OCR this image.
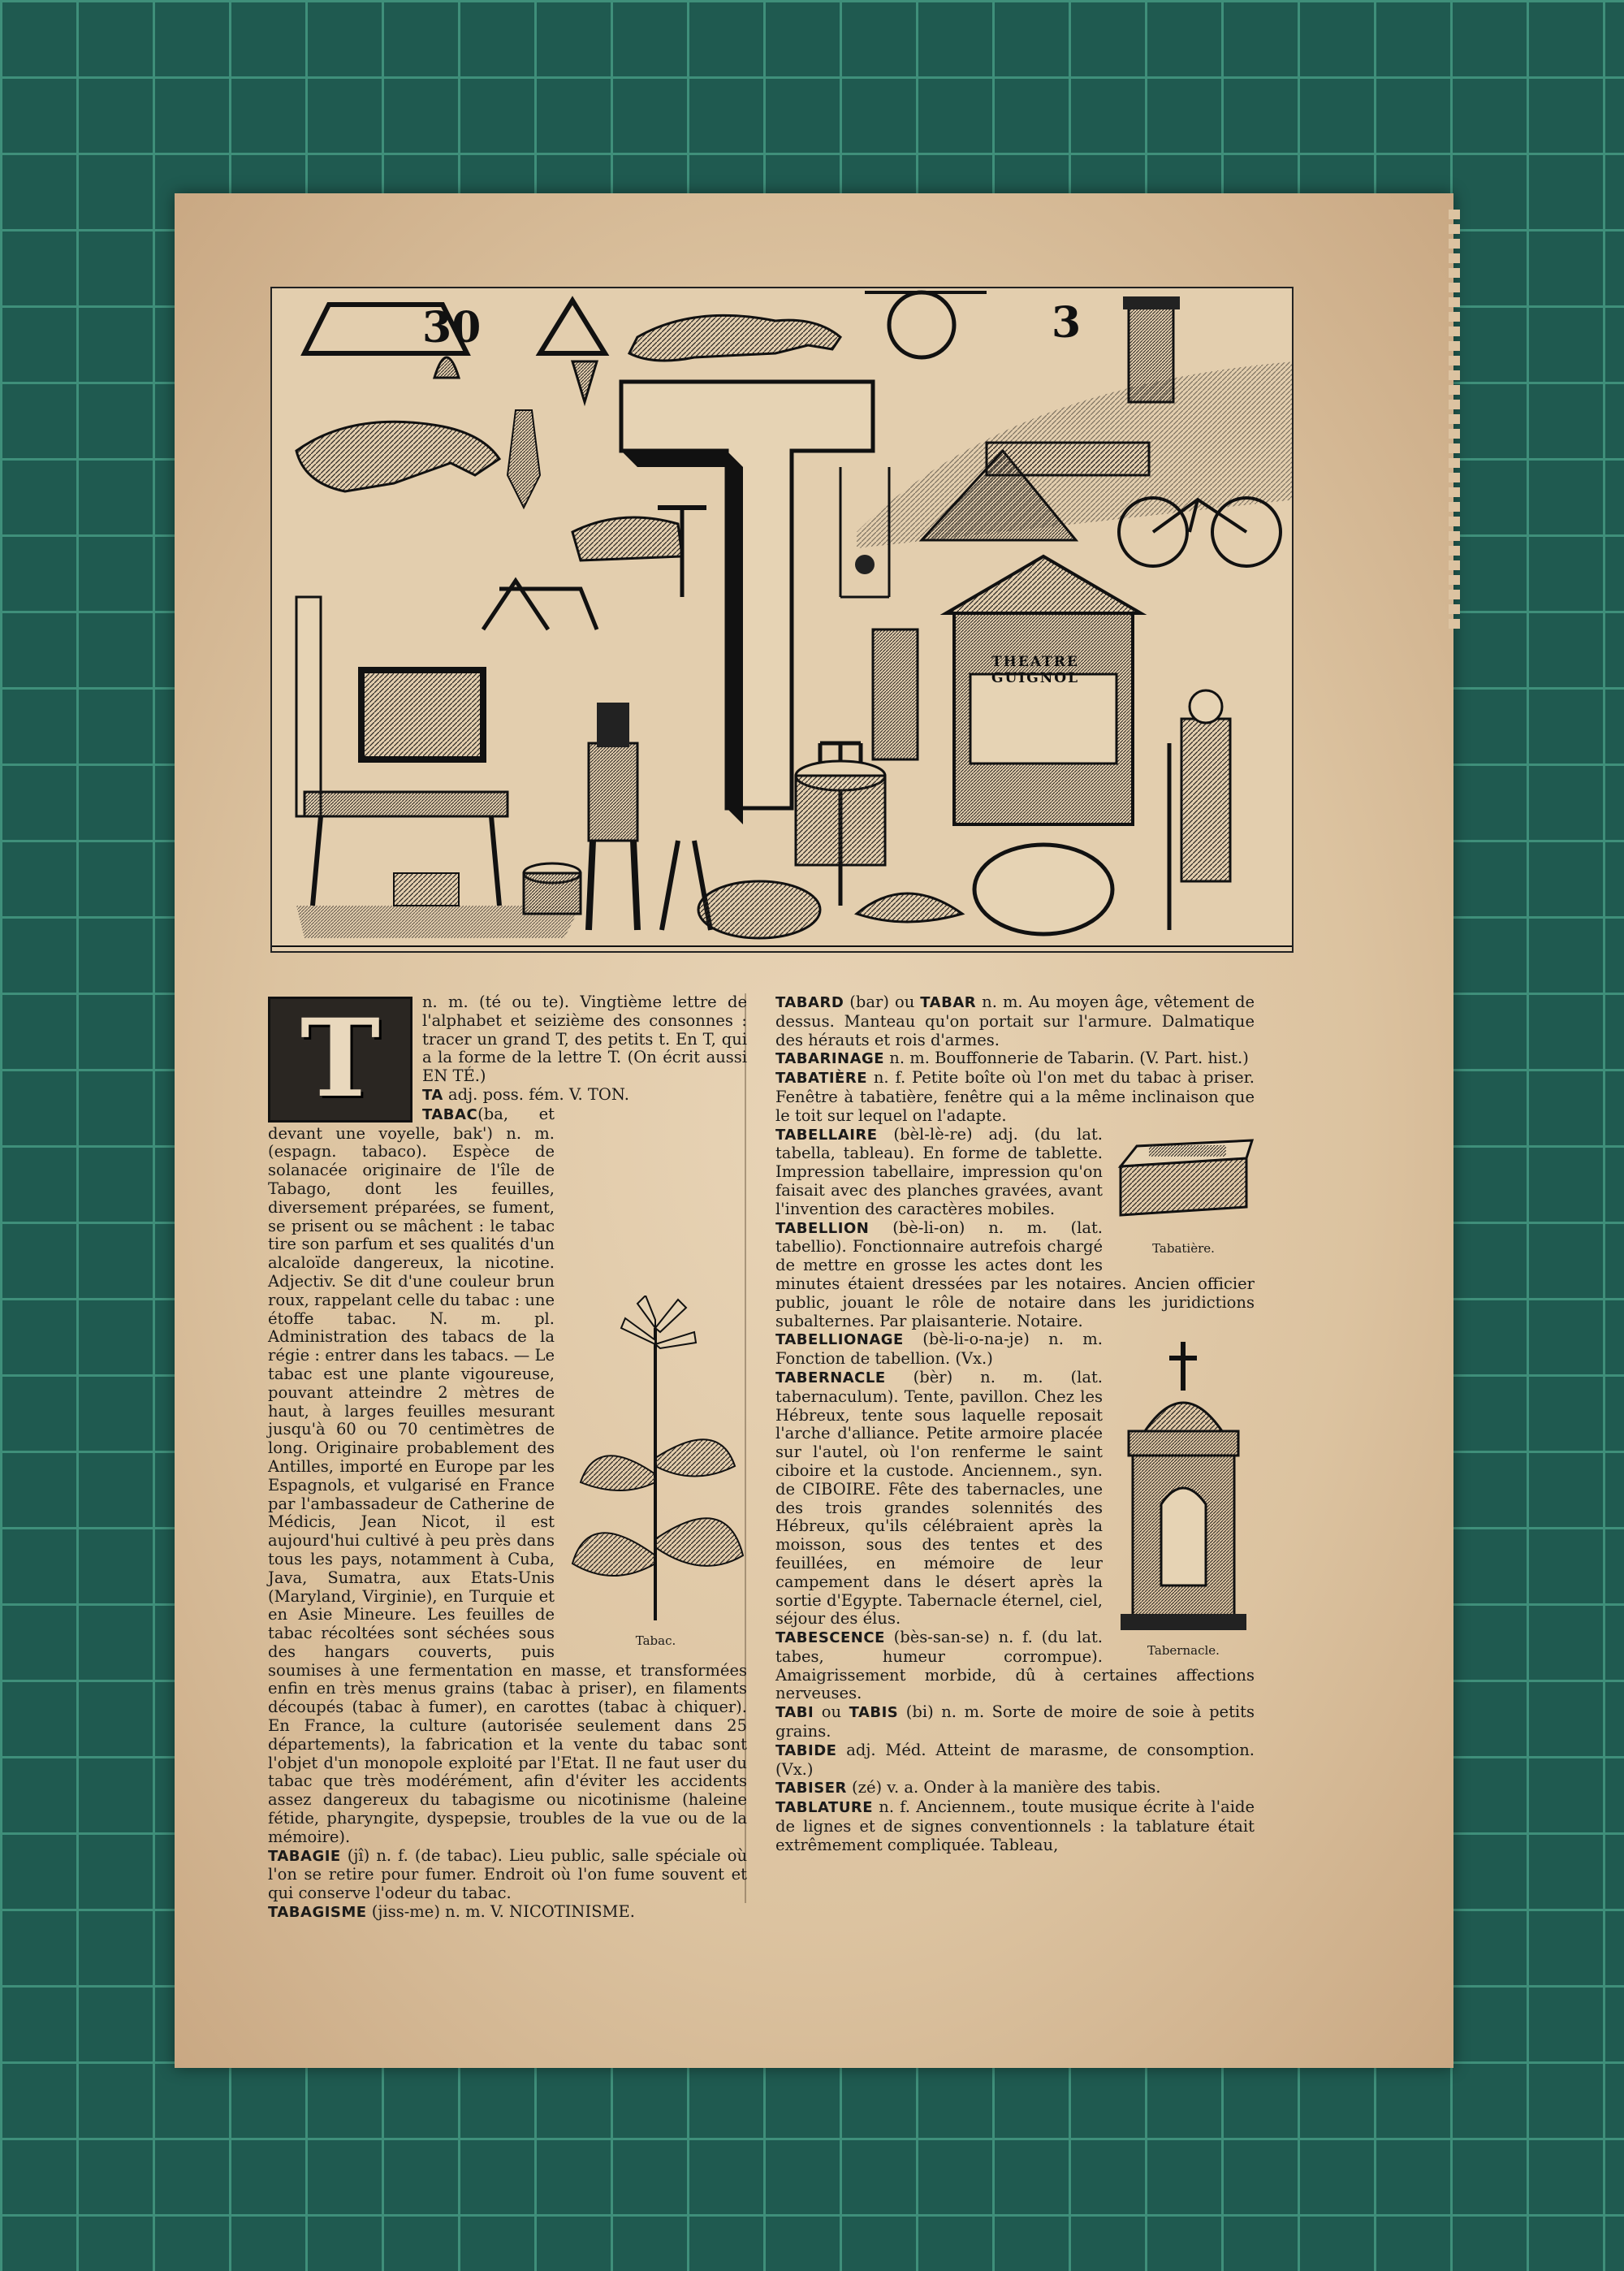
30	3
THEATRE GUIGNOL
T	n. m. (té ou te). Vingtième lettre de l'alphabet et seizième des consonnes : tracer un grand T, des petits t. En T, qui a la forme de la lettre T. (On écrit aussi EN TÉ.)

TA adj. poss. fém. V. TON.

Tabac.

TABAC(ba, et devant une voyelle, bak') n. m. (espagn. tabaco). Espèce de solanacée originaire de l'île de Tabago, dont les feuilles, diversement préparées, se fument, se prisent ou se mâchent : le tabac tire son parfum et ses qualités d'un alcaloïde dangereux, la nicotine. Adjectiv. Se dit d'une couleur brun roux, rappelant celle du tabac : une étoffe tabac. N. m. pl. Administration des tabacs de la régie : entrer dans les tabacs. — Le tabac est une plante vigoureuse, pouvant atteindre 2 mètres de haut, à larges feuilles mesurant jusqu'à 60 ou 70 centimètres de long. Originaire probablement des Antilles, importé en Europe par les Espagnols, et vulgarisé en France par l'ambassadeur de Catherine de Médicis, Jean Nicot, il est aujourd'hui cultivé à peu près dans tous les pays, notamment à Cuba, Java, Sumatra, aux Etats-Unis (Maryland, Virginie), en Turquie et en Asie Mineure. Les feuilles de tabac récoltées sont séchées sous des hangars couverts, puis soumises à une fermentation en masse, et transformées enfin en très menus grains (tabac à priser), en filaments découpés (tabac à fumer), en carottes (tabac à chiquer). En France, la culture (autorisée seulement dans 25 départements), la fabrication et la vente du tabac sont l'objet d'un monopole exploité par l'Etat. Il ne faut user du tabac que très modérément, afin d'éviter les accidents assez dangereux du tabagisme ou nicotinisme (haleine fétide, pharyngite, dyspepsie, troubles de la vue ou de la mémoire).

TABAGIE (jî) n. f. (de tabac). Lieu public, salle spéciale où l'on se retire pour fumer. Endroit où l'on fume souvent et qui conserve l'odeur du tabac.

TABAGISME (jiss-me) n. m. V. NICOTINISME.

TABARD (bar) ou TABAR n. m. Au moyen âge, vêtement de dessus. Manteau qu'on portait sur l'armure. Dalmatique des hérauts et rois d'armes.

TABARINAGE n. m. Bouffonnerie de Tabarin. (V. Part. hist.)

TABATIÈRE n. f. Petite boîte où l'on met du tabac à priser. Fenêtre à tabatière, fenêtre qui a la même inclinaison que le toit sur lequel on l'adapte.

Tabatière.

TABELLAIRE (bèl-lè-re) adj. (du lat. tabella, tableau). En forme de tablette. Impression tabellaire, impression qu'on faisait avec des planches gravées, avant l'invention des caractères mobiles.

TABELLION (bè-li-on) n. m. (lat. tabellio). Fonctionnaire autrefois chargé de mettre en grosse les actes dont les minutes étaient dressées par les notaires. Ancien officier public, jouant le rôle de notaire dans les juridictions subalternes. Par plaisanterie. Notaire.

Tabernacle.

TABELLIONAGE (bè-li-o-na-je) n. m. Fonction de tabellion. (Vx.)

TABERNACLE (bèr) n. m. (lat. tabernaculum). Tente, pavillon. Chez les Hébreux, tente sous laquelle reposait l'arche d'alliance. Petite armoire placée sur l'autel, où l'on renferme le saint ciboire et la custode. Anciennem., syn. de CIBOIRE. Fête des tabernacles, une des trois grandes solennités des Hébreux, qu'ils célébraient après la moisson, sous des tentes et des feuillées, en mémoire de leur campement dans le désert après la sortie d'Egypte. Tabernacle éternel, ciel, séjour des élus.

TABESCENCE (bès-san-se) n. f. (du lat. tabes, humeur corrompue). Amaigrissement morbide, dû à certaines affections nerveuses.

TABI ou TABIS (bi) n. m. Sorte de moire de soie à petits grains.

TABIDE adj. Méd. Atteint de marasme, de consomption. (Vx.)

TABISER (zé) v. a. Onder à la manière des tabis.

TABLATURE n. f. Anciennem., toute musique écrite à l'aide de lignes et de signes conventionnels : la tablature était extrêmement compliquée. Tableau,
